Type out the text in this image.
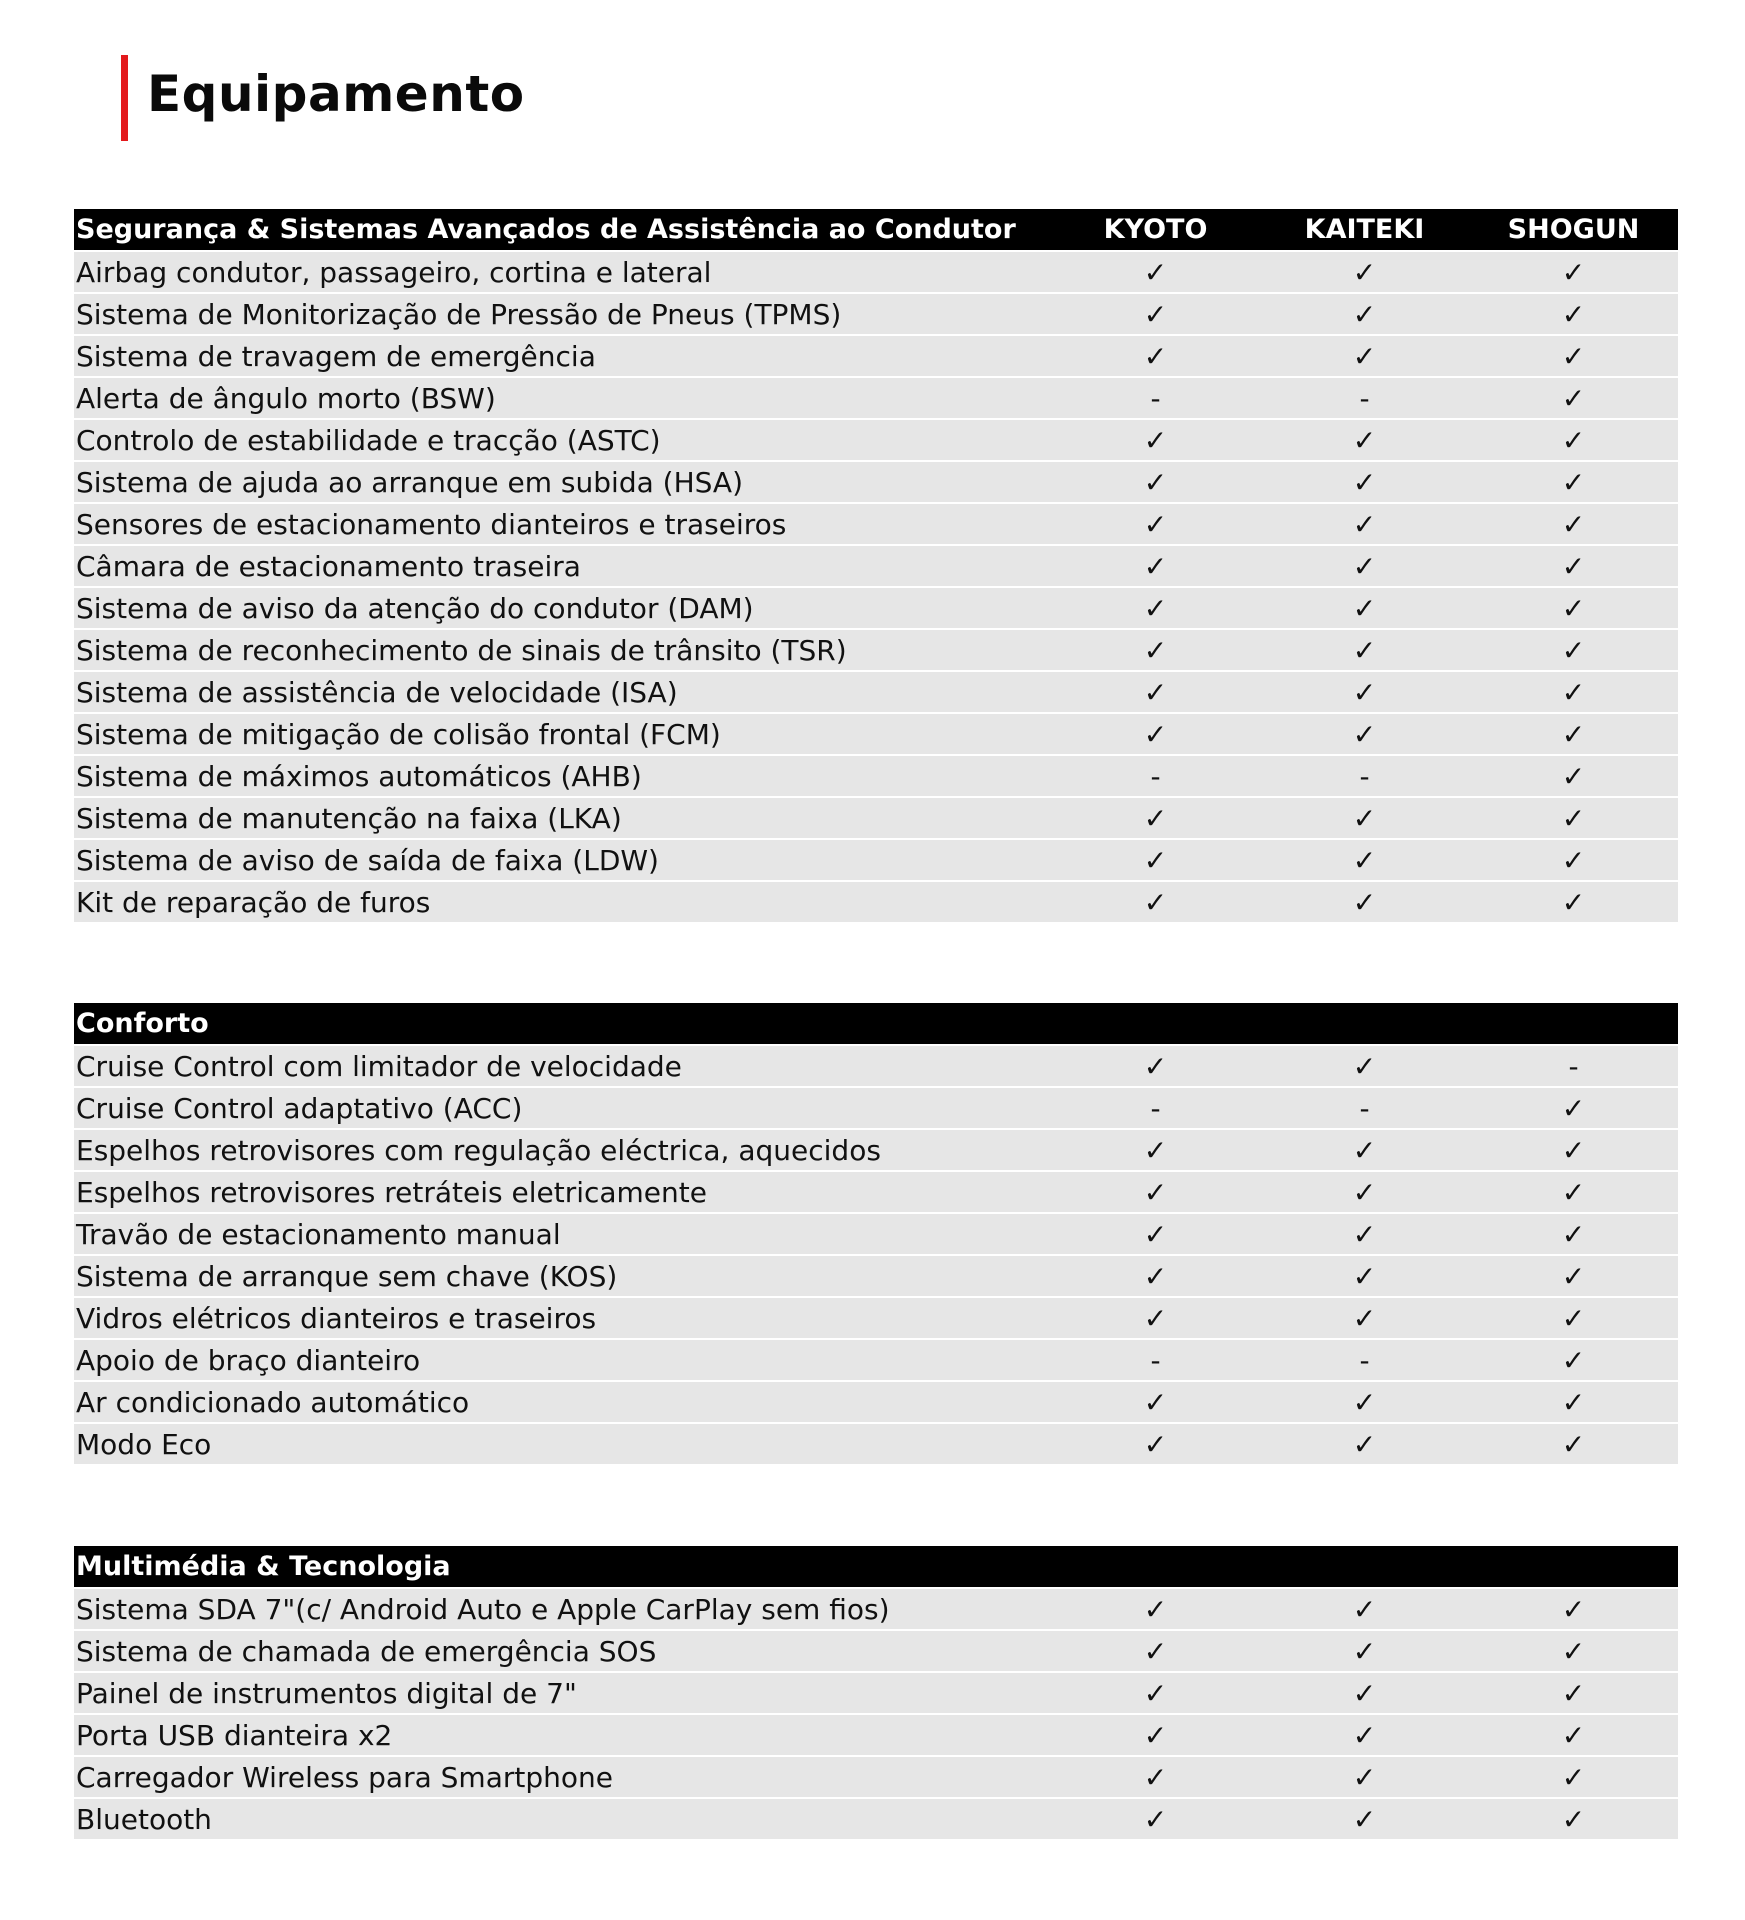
Equipamento
Segurança & Sistemas Avançados de Assistência ao Condutor	KYOTO	KAITEKI	SHOGUN
Airbag condutor, passageiro, cortina e lateral	✓	✓	✓
Sistema de Monitorização de Pressão de Pneus (TPMS)	✓	✓	✓
Sistema de travagem de emergência	✓	✓	✓
Alerta de ângulo morto (BSW)	-	-	✓
Controlo de estabilidade e tracção (ASTC)	✓	✓	✓
Sistema de ajuda ao arranque em subida (HSA)	✓	✓	✓
Sensores de estacionamento dianteiros e traseiros	✓	✓	✓
Câmara de estacionamento traseira	✓	✓	✓
Sistema de aviso da atenção do condutor (DAM)	✓	✓	✓
Sistema de reconhecimento de sinais de trânsito (TSR)	✓	✓	✓
Sistema de assistência de velocidade (ISA)	✓	✓	✓
Sistema de mitigação de colisão frontal (FCM)	✓	✓	✓
Sistema de máximos automáticos (AHB)	-	-	✓
Sistema de manutenção na faixa (LKA)	✓	✓	✓
Sistema de aviso de saída de faixa (LDW)	✓	✓	✓
Kit de reparação de furos	✓	✓	✓
Conforto
Cruise Control com limitador de velocidade	✓	✓	-
Cruise Control adaptativo (ACC)	-	-	✓
Espelhos retrovisores com regulação eléctrica, aquecidos	✓	✓	✓
Espelhos retrovisores retráteis eletricamente	✓	✓	✓
Travão de estacionamento manual	✓	✓	✓
Sistema de arranque sem chave (KOS)	✓	✓	✓
Vidros elétricos dianteiros e traseiros	✓	✓	✓
Apoio de braço dianteiro	-	-	✓
Ar condicionado automático	✓	✓	✓
Modo Eco	✓	✓	✓
Multimédia & Tecnologia
Sistema SDA 7"(c/ Android Auto e Apple CarPlay sem fios)	✓	✓	✓
Sistema de chamada de emergência SOS	✓	✓	✓
Painel de instrumentos digital de 7"	✓	✓	✓
Porta USB dianteira x2	✓	✓	✓
Carregador Wireless para Smartphone	✓	✓	✓
Bluetooth	✓	✓	✓
